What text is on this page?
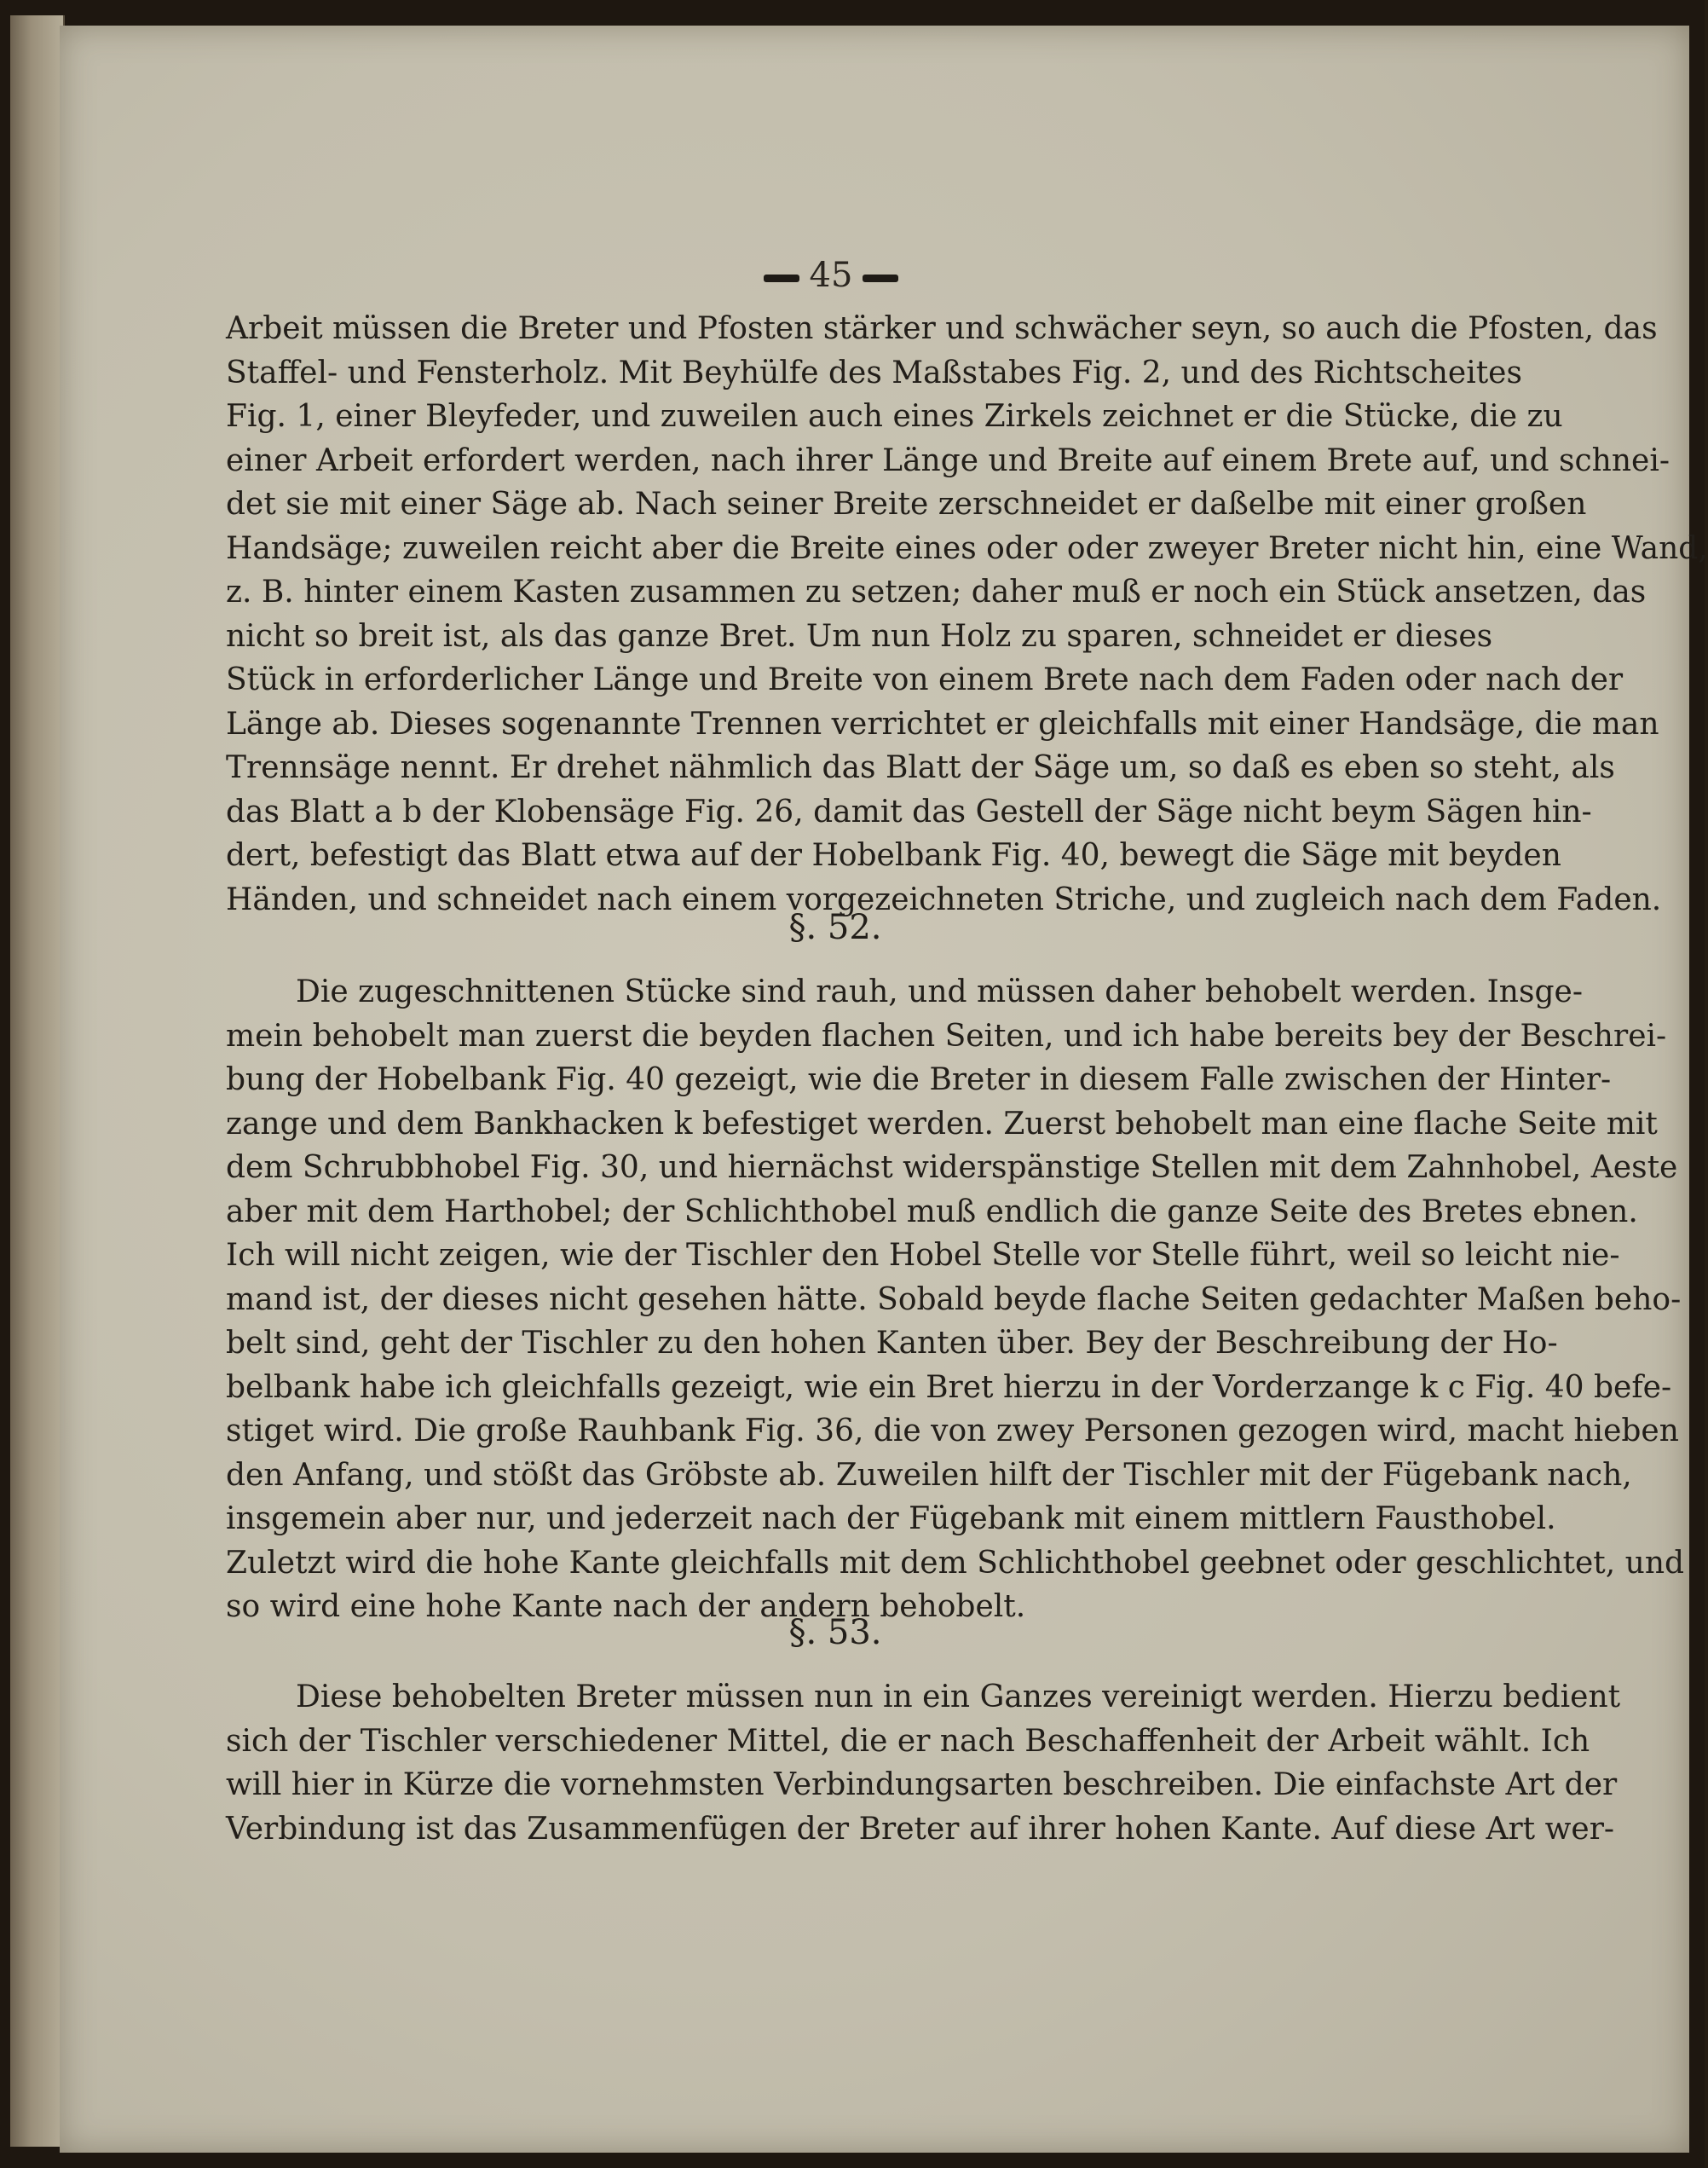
45
Arbeit müssen die Breter und Pfosten stärker und schwächer seyn, so auch die Pfosten, das
Staffel- und Fensterholz. Mit Beyhülfe des Maßstabes Fig. 2, und des Richtscheites
Fig. 1, einer Bleyfeder, und zuweilen auch eines Zirkels zeichnet er die Stücke, die zu
einer Arbeit erfordert werden, nach ihrer Länge und Breite auf einem Brete auf, und schnei-
det sie mit einer Säge ab. Nach seiner Breite zerschneidet er daßelbe mit einer großen
Handsäge; zuweilen reicht aber die Breite eines oder oder zweyer Breter nicht hin, eine Wand,
z. B. hinter einem Kasten zusammen zu setzen; daher muß er noch ein Stück ansetzen, das
nicht so breit ist, als das ganze Bret. Um nun Holz zu sparen, schneidet er dieses
Stück in erforderlicher Länge und Breite von einem Brete nach dem Faden oder nach der
Länge ab. Dieses sogenannte Trennen verrichtet er gleichfalls mit einer Handsäge, die man
Trennsäge nennt. Er drehet nähmlich das Blatt der Säge um, so daß es eben so steht, als
das Blatt a b der Klobensäge Fig. 26, damit das Gestell der Säge nicht beym Sägen hin-
dert, befestigt das Blatt etwa auf der Hobelbank Fig. 40, bewegt die Säge mit beyden
Händen, und schneidet nach einem vorgezeichneten Striche, und zugleich nach dem Faden.
§. 52.
Die zugeschnittenen Stücke sind rauh, und müssen daher behobelt werden. Insge-
mein behobelt man zuerst die beyden flachen Seiten, und ich habe bereits bey der Beschrei-
bung der Hobelbank Fig. 40 gezeigt, wie die Breter in diesem Falle zwischen der Hinter-
zange und dem Bankhacken k befestiget werden. Zuerst behobelt man eine flache Seite mit
dem Schrubbhobel Fig. 30, und hiernächst widerspänstige Stellen mit dem Zahnhobel, Aeste
aber mit dem Harthobel; der Schlichthobel muß endlich die ganze Seite des Bretes ebnen.
Ich will nicht zeigen, wie der Tischler den Hobel Stelle vor Stelle führt, weil so leicht nie-
mand ist, der dieses nicht gesehen hätte. Sobald beyde flache Seiten gedachter Maßen beho-
belt sind, geht der Tischler zu den hohen Kanten über. Bey der Beschreibung der Ho-
belbank habe ich gleichfalls gezeigt, wie ein Bret hierzu in der Vorderzange k c Fig. 40 befe-
stiget wird. Die große Rauhbank Fig. 36, die von zwey Personen gezogen wird, macht hieben
den Anfang, und stößt das Gröbste ab. Zuweilen hilft der Tischler mit der Fügebank nach,
insgemein aber nur, und jederzeit nach der Fügebank mit einem mittlern Fausthobel.
Zuletzt wird die hohe Kante gleichfalls mit dem Schlichthobel geebnet oder geschlichtet, und
so wird eine hohe Kante nach der andern behobelt.
§. 53.
Diese behobelten Breter müssen nun in ein Ganzes vereinigt werden. Hierzu bedient
sich der Tischler verschiedener Mittel, die er nach Beschaffenheit der Arbeit wählt. Ich
will hier in Kürze die vornehmsten Verbindungsarten beschreiben. Die einfachste Art der
Verbindung ist das Zusammenfügen der Breter auf ihrer hohen Kante. Auf diese Art wer-
